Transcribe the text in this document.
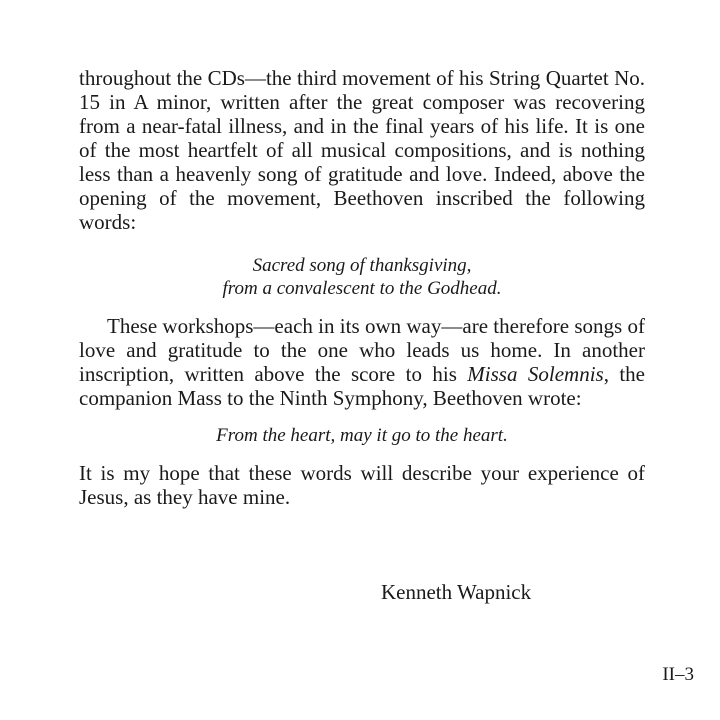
throughout the CDs—the third movement of his String Quartet No. 15 in A minor, written after the great composer was recovering from a near-fatal illness, and in the final years of his life. It is one of the most heartfelt of all musical compositions, and is nothing less than a heavenly song of gratitude and love. Indeed, above the opening of the movement, Beethoven inscribed the following words:

Sacred song of thanksgiving,
from a convalescent to the Godhead.

These workshops—each in its own way—are therefore songs of love and gratitude to the one who leads us home. In another inscription, written above the score to his Missa Solemnis, the companion Mass to the Ninth Symphony, Beethoven wrote:

From the heart, may it go to the heart.

It is my hope that these words will describe your experience of Jesus, as they have mine.

Kenneth Wapnick

II–3
